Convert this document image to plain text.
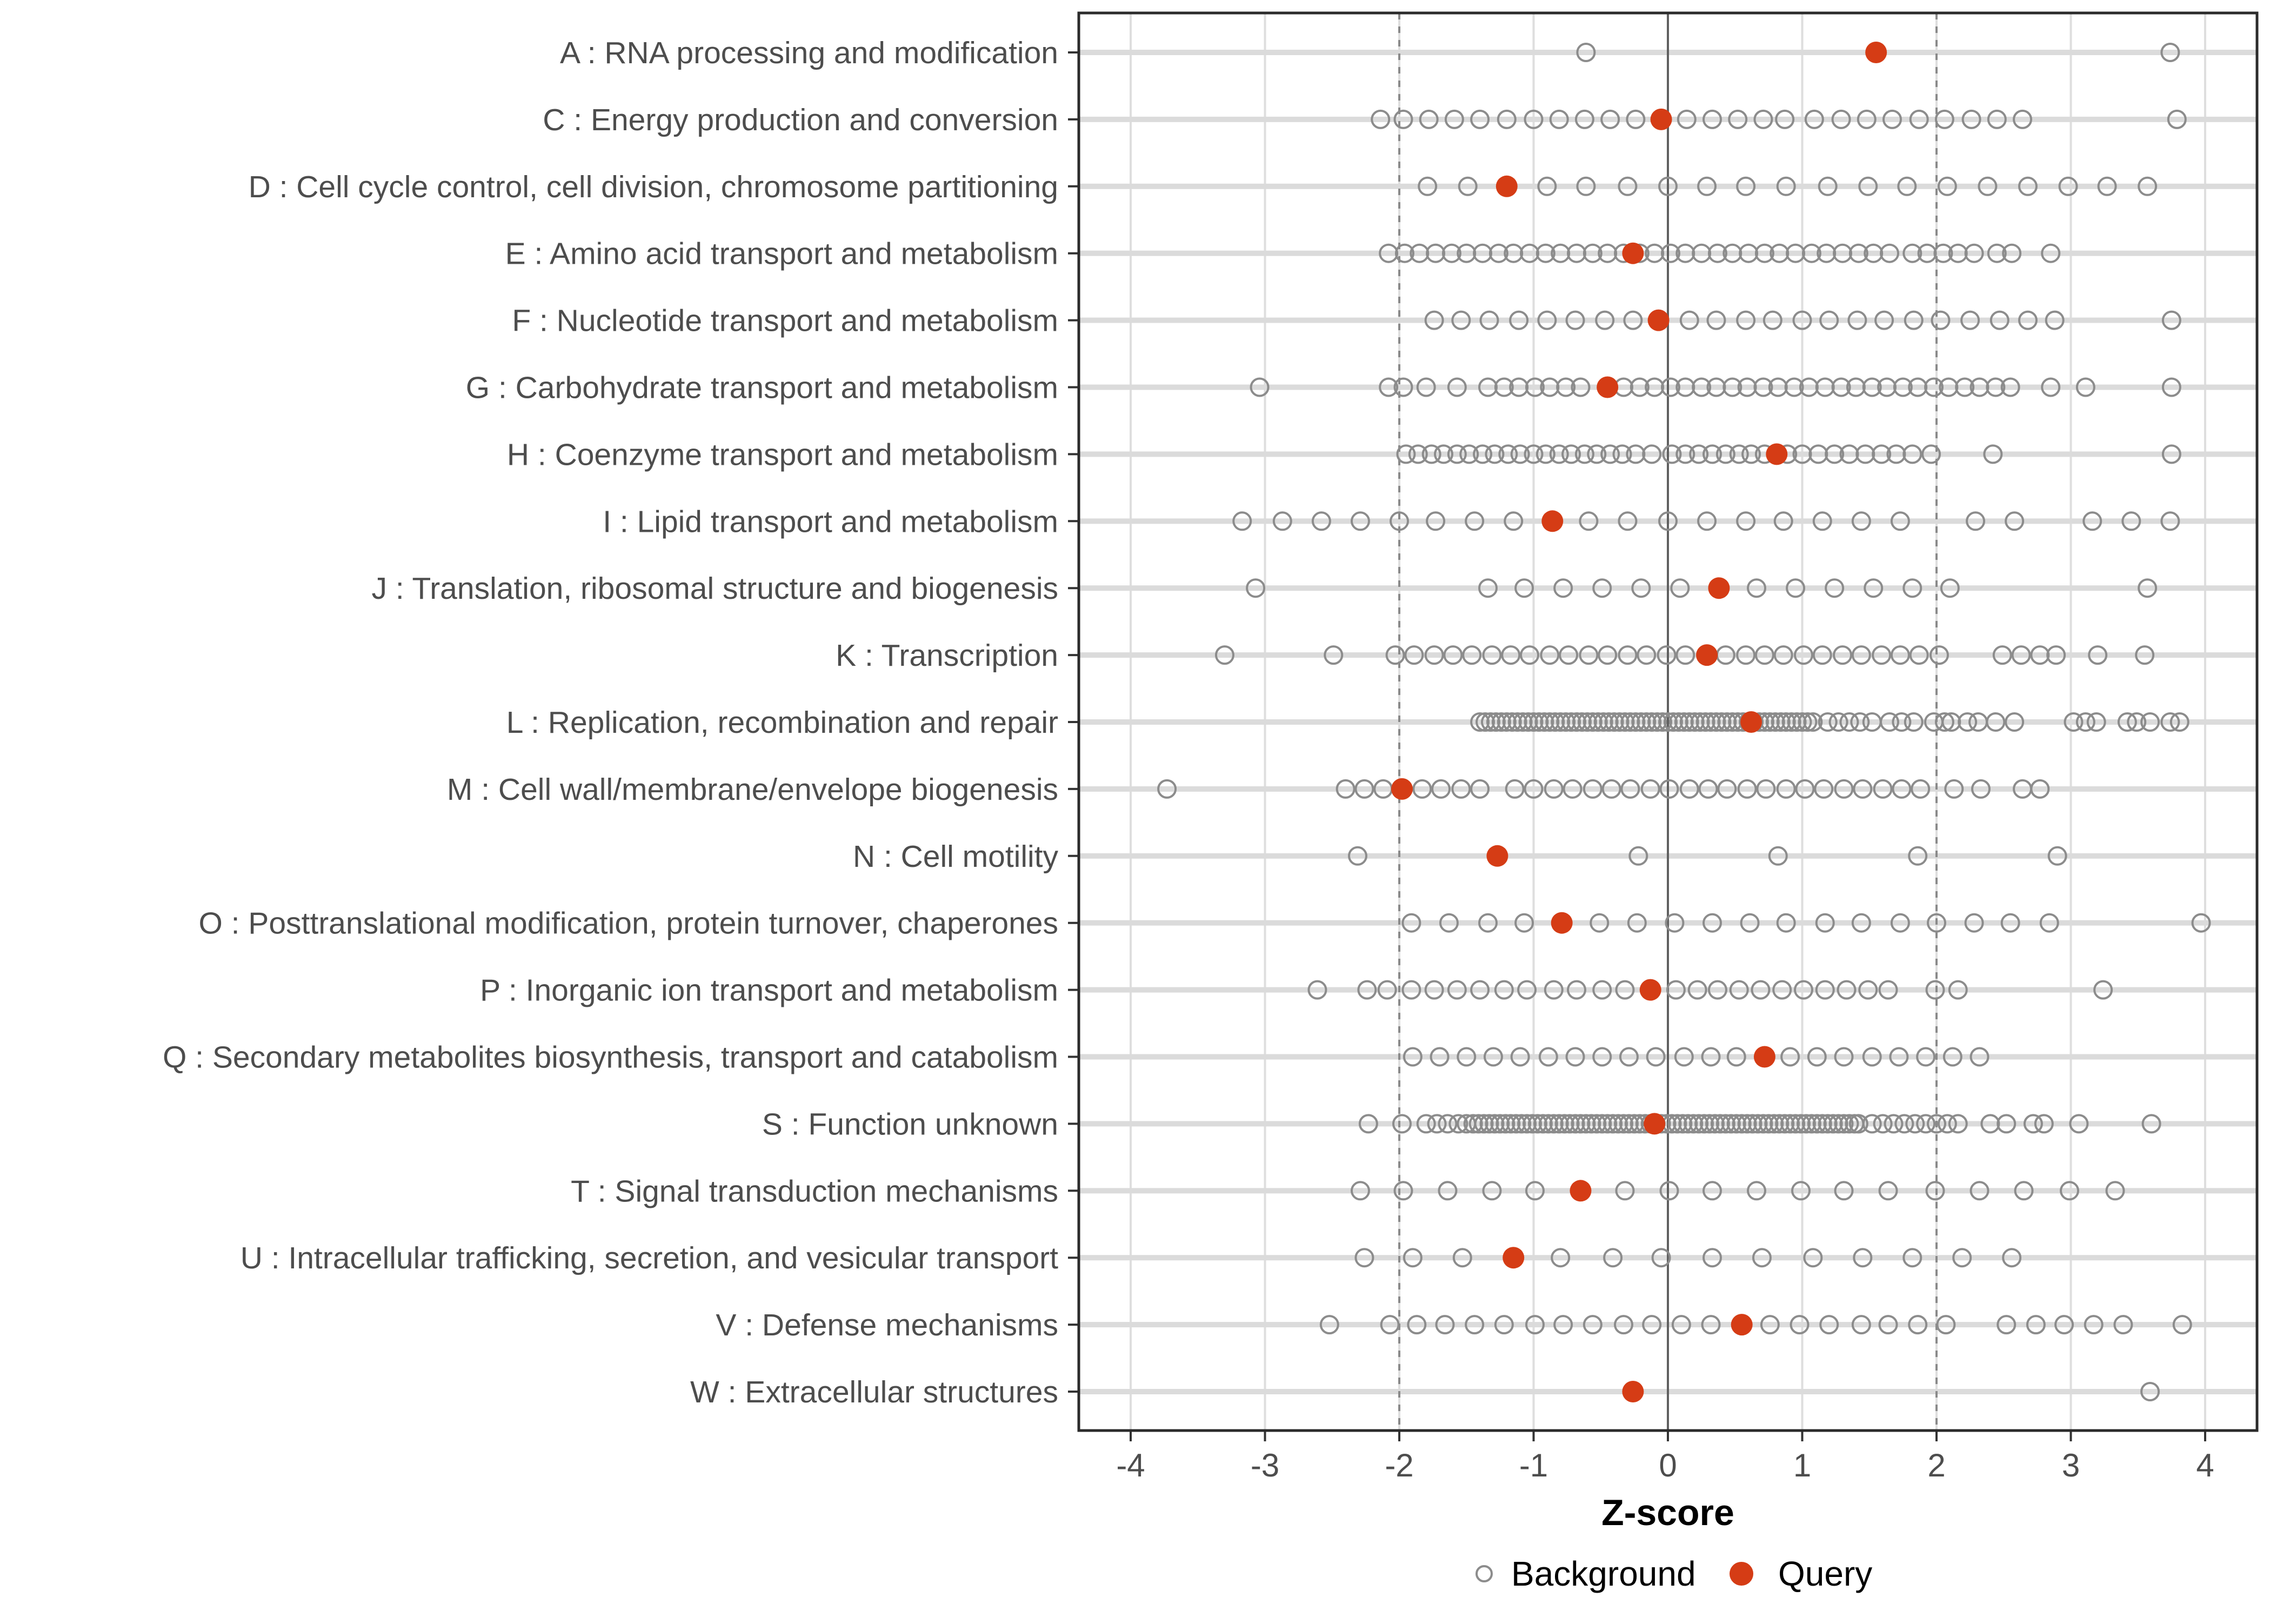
-4	-3	-2	-1	0	1	2	3	4
A : RNA processing and modification
C : Energy production and conversion
D : Cell cycle control, cell division, chromosome partitioning
E : Amino acid transport and metabolism
F : Nucleotide transport and metabolism
G : Carbohydrate transport and metabolism
H : Coenzyme transport and metabolism
I : Lipid transport and metabolism
J : Translation, ribosomal structure and biogenesis
K : Transcription
L : Replication, recombination and repair
M : Cell wall/membrane/envelope biogenesis
N : Cell motility
O : Posttranslational modification, protein turnover, chaperones
P : Inorganic ion transport and metabolism
Q : Secondary metabolites biosynthesis, transport and catabolism
S : Function unknown
T : Signal transduction mechanisms
U : Intracellular trafficking, secretion, and vesicular transport
V : Defense mechanisms
W : Extracellular structures
Z-score
Background Query
